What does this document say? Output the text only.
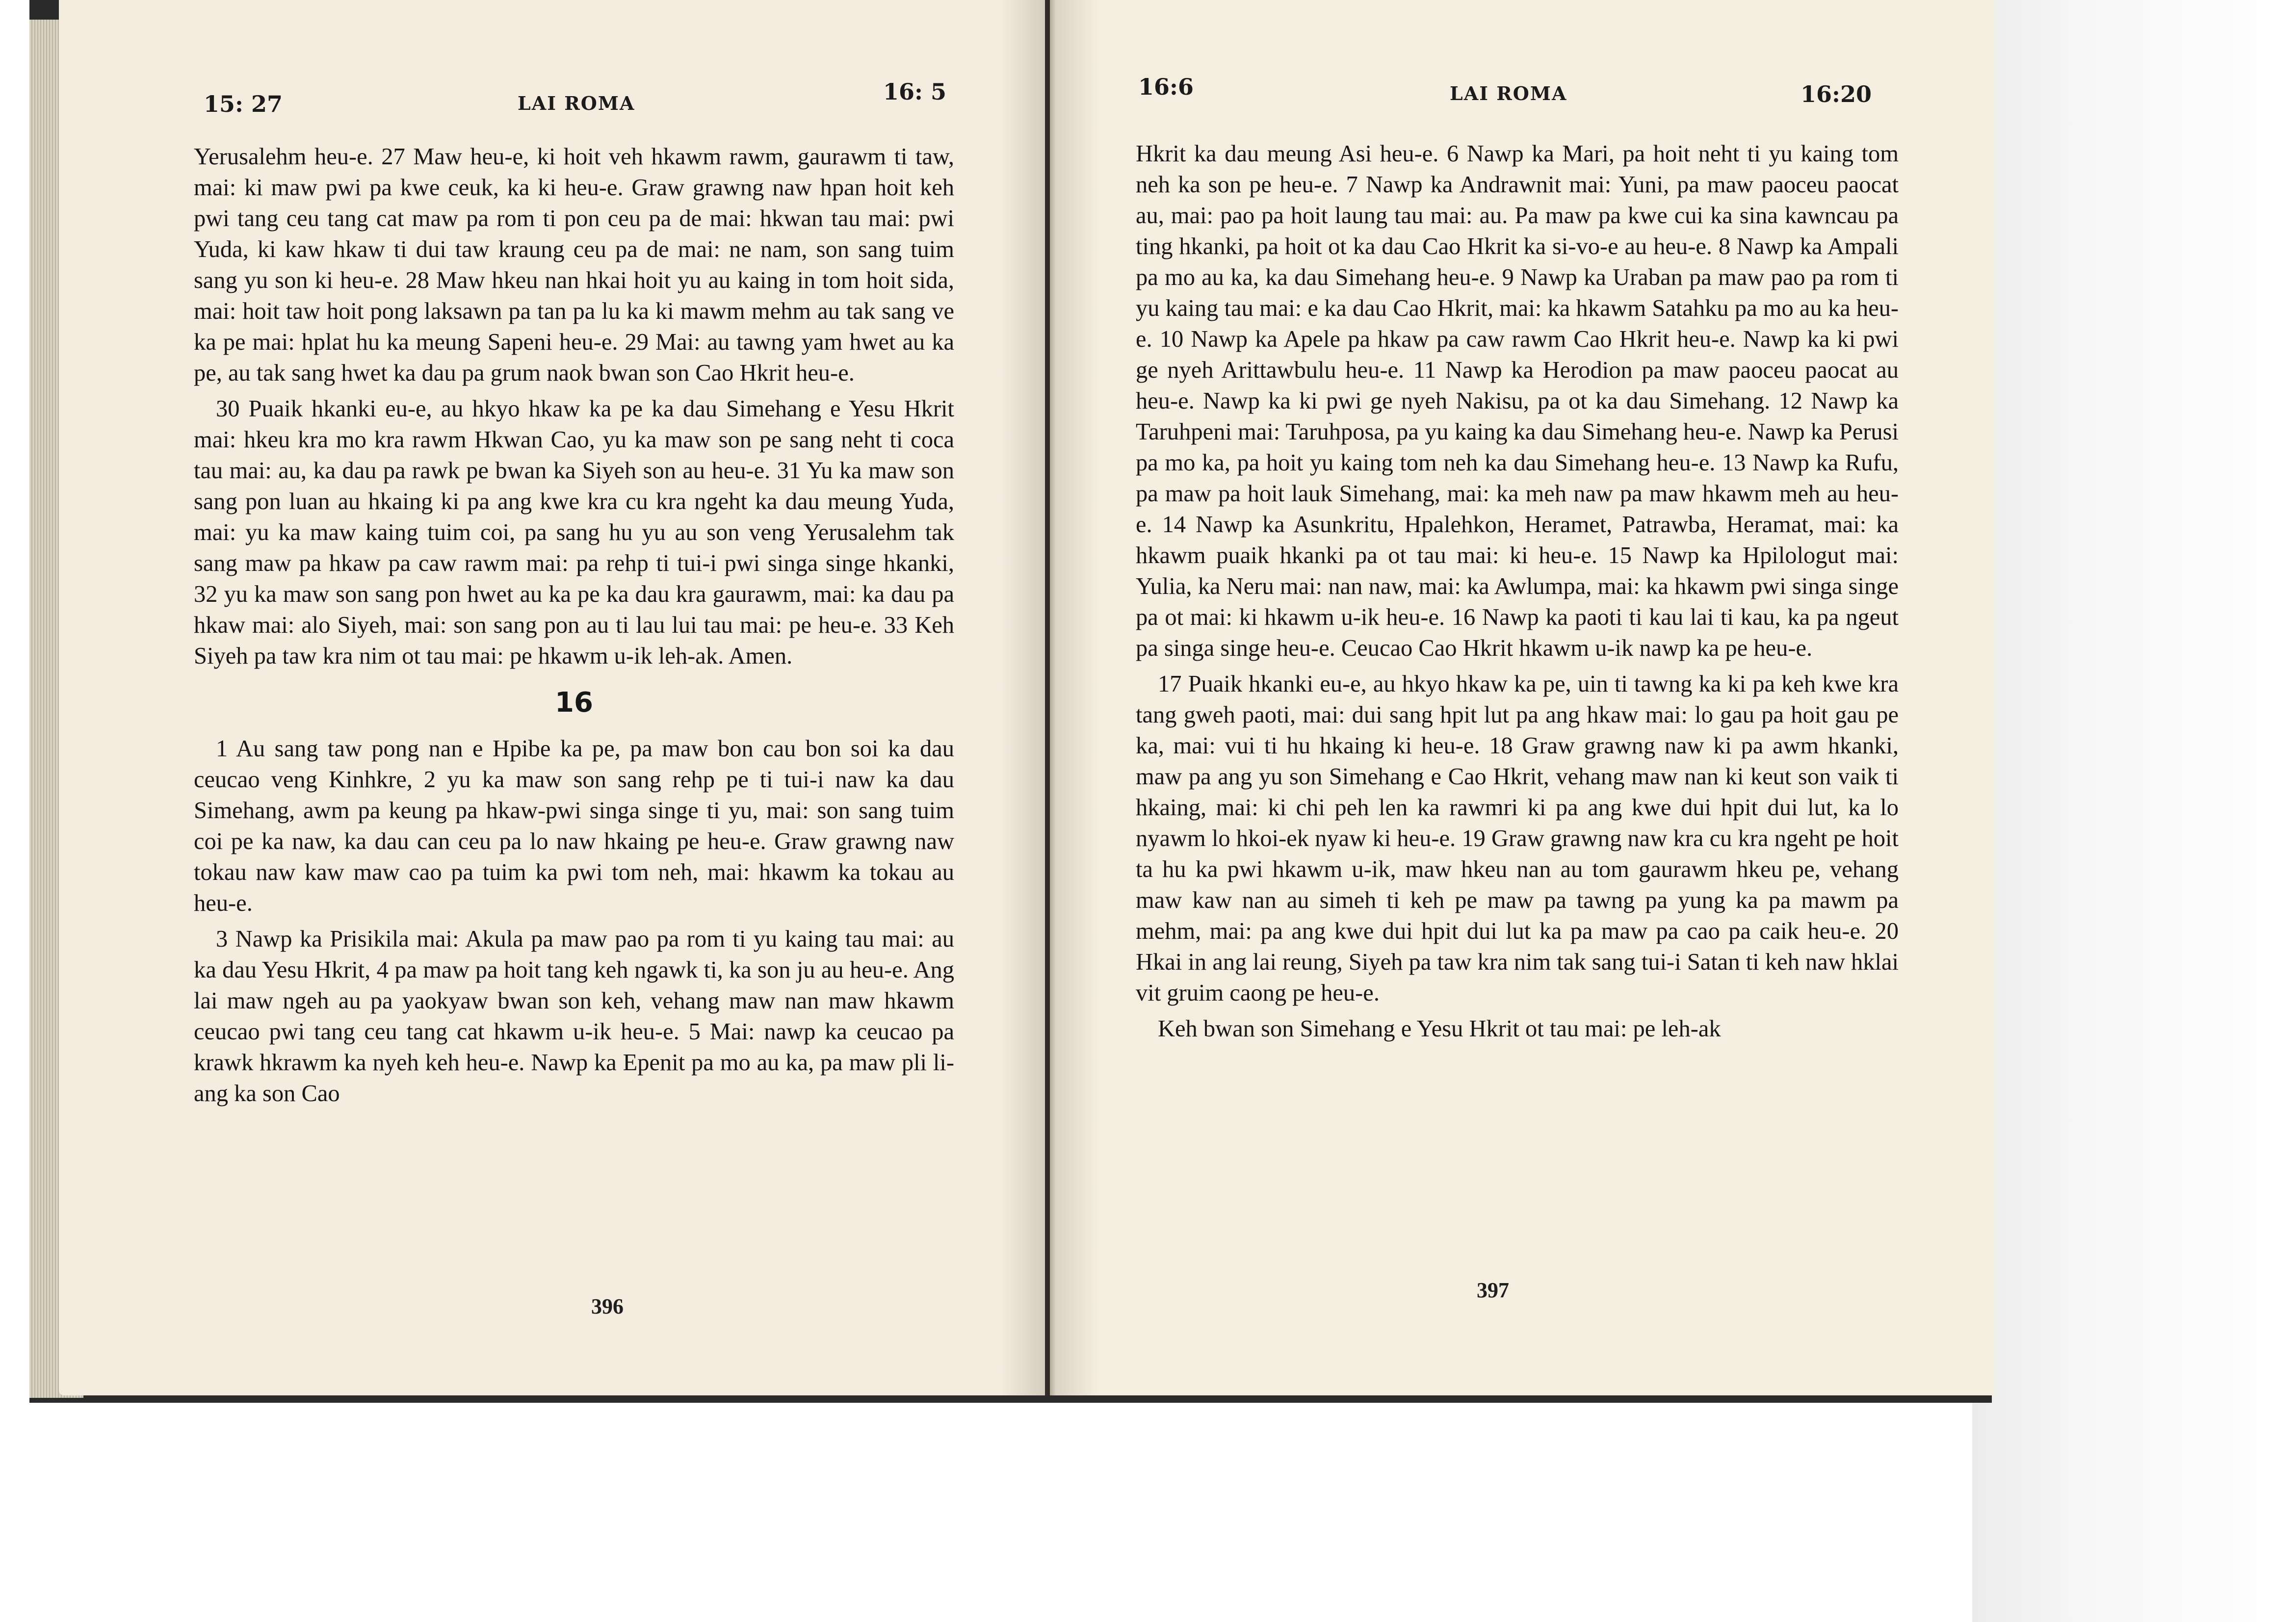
15: 27	LAI ROMA	16: 5

Yerusalehm heu-e. 27 Maw heu-e, ki hoit veh hkawm rawm, gaurawm ti taw, mai: ki maw pwi pa kwe ceuk, ka ki heu-e. Graw grawng naw hpan hoit keh pwi tang ceu tang cat maw pa rom ti pon ceu pa de mai: hkwan tau mai: pwi Yuda, ki kaw hkaw ti dui taw kraung ceu pa de mai: ne nam, son sang tuim sang yu son ki heu-e. 28 Maw hkeu nan hkai hoit yu au kaing in tom hoit sida, mai: hoit taw hoit pong laksawn pa tan pa lu ka ki mawm mehm au tak sang ve ka pe mai: hplat hu ka meung Sapeni heu-e. 29 Mai: au tawng yam hwet au ka pe, au tak sang hwet ka dau pa grum naok bwan son Cao Hkrit heu-e.

30 Puaik hkanki eu-e, au hkyo hkaw ka pe ka dau Simehang e Yesu Hkrit mai: hkeu kra mo kra rawm Hkwan Cao, yu ka maw son pe sang neht ti coca tau mai: au, ka dau pa rawk pe bwan ka Siyeh son au heu-e. 31 Yu ka maw son sang pon luan au hkaing ki pa ang kwe kra cu kra ngeht ka dau meung Yuda, mai: yu ka maw kaing tuim coi, pa sang hu yu au son veng Yerusalehm tak sang maw pa hkaw pa caw rawm mai: pa rehp ti tui-i pwi singa singe hkanki, 32 yu ka maw son sang pon hwet au ka pe ka dau kra gaurawm, mai: ka dau pa hkaw mai: alo Siyeh, mai: son sang pon au ti lau lui tau mai: pe heu-e. 33 Keh Siyeh pa taw kra nim ot tau mai: pe hkawm u-ik leh-ak. Amen.

16

1 Au sang taw pong nan e Hpibe ka pe, pa maw bon cau bon soi ka dau ceucao veng Kinhkre, 2 yu ka maw son sang rehp pe ti tui-i naw ka dau Simehang, awm pa keung pa hkaw-pwi singa singe ti yu, mai: son sang tuim coi pe ka naw, ka dau can ceu pa lo naw hkaing pe heu-e. Graw grawng naw tokau naw kaw maw cao pa tuim ka pwi tom neh, mai: hkawm ka tokau au heu-e.

3 Nawp ka Prisikila mai: Akula pa maw pao pa rom ti yu kaing tau mai: au ka dau Yesu Hkrit, 4 pa maw pa hoit tang keh ngawk ti, ka son ju au heu-e. Ang lai maw ngeh au pa yaokyaw bwan son keh, vehang maw nan maw hkawm ceucao pwi tang ceu tang cat hkawm u-ik heu-e. 5 Mai: nawp ka ceucao pa krawk hkrawm ka nyeh keh heu-e. Nawp ka Epenit pa mo au ka, pa maw pli li-ang ka son Cao

396
16:6	LAI ROMA	16:20

Hkrit ka dau meung Asi heu-e. 6 Nawp ka Mari, pa hoit neht ti yu kaing tom neh ka son pe heu-e. 7 Nawp ka Andrawnit mai: Yuni, pa maw paoceu paocat au, mai: pao pa hoit laung tau mai: au. Pa maw pa kwe cui ka sina kawncau pa ting hkanki, pa hoit ot ka dau Cao Hkrit ka si-vo-e au heu-e. 8 Nawp ka Ampali pa mo au ka, ka dau Simehang heu-e. 9 Nawp ka Uraban pa maw pao pa rom ti yu kaing tau mai: e ka dau Cao Hkrit, mai: ka hkawm Satahku pa mo au ka heu-e. 10 Nawp ka Apele pa hkaw pa caw rawm Cao Hkrit heu-e. Nawp ka ki pwi ge nyeh Arittawbulu heu-e. 11 Nawp ka Herodion pa maw paoceu paocat au heu-e. Nawp ka ki pwi ge nyeh Nakisu, pa ot ka dau Simehang. 12 Nawp ka Taruhpeni mai: Taruhposa, pa yu kaing ka dau Simehang heu-e. Nawp ka Perusi pa mo ka, pa hoit yu kaing tom neh ka dau Simehang heu-e. 13 Nawp ka Rufu, pa maw pa hoit lauk Simehang, mai: ka meh naw pa maw hkawm meh au heu-e. 14 Nawp ka Asunkritu, Hpalehkon, Heramet, Patrawba, Heramat, mai: ka hkawm puaik hkanki pa ot tau mai: ki heu-e. 15 Nawp ka Hpilologut mai: Yulia, ka Neru mai: nan naw, mai: ka Awlumpa, mai: ka hkawm pwi singa singe pa ot mai: ki hkawm u-ik heu-e. 16 Nawp ka paoti ti kau lai ti kau, ka pa ngeut pa singa singe heu-e. Ceucao Cao Hkrit hkawm u-ik nawp ka pe heu-e.

17 Puaik hkanki eu-e, au hkyo hkaw ka pe, uin ti tawng ka ki pa keh kwe kra tang gweh paoti, mai: dui sang hpit lut pa ang hkaw mai: lo gau pa hoit gau pe ka, mai: vui ti hu hkaing ki heu-e. 18 Graw grawng naw ki pa awm hkanki, maw pa ang yu son Simehang e Cao Hkrit, vehang maw nan ki keut son vaik ti hkaing, mai: ki chi peh len ka rawmri ki pa ang kwe dui hpit dui lut, ka lo nyawm lo hkoi-ek nyaw ki heu-e. 19 Graw grawng naw kra cu kra ngeht pe hoit ta hu ka pwi hkawm u-ik, maw hkeu nan au tom gaurawm hkeu pe, vehang maw kaw nan au simeh ti keh pe maw pa tawng pa yung ka pa mawm pa mehm, mai: pa ang kwe dui hpit dui lut ka pa maw pa cao pa caik heu-e. 20 Hkai in ang lai reung, Siyeh pa taw kra nim tak sang tui-i Satan ti keh naw hklai vit gruim caong pe heu-e.

Keh bwan son Simehang e Yesu Hkrit ot tau mai: pe leh-ak

397
